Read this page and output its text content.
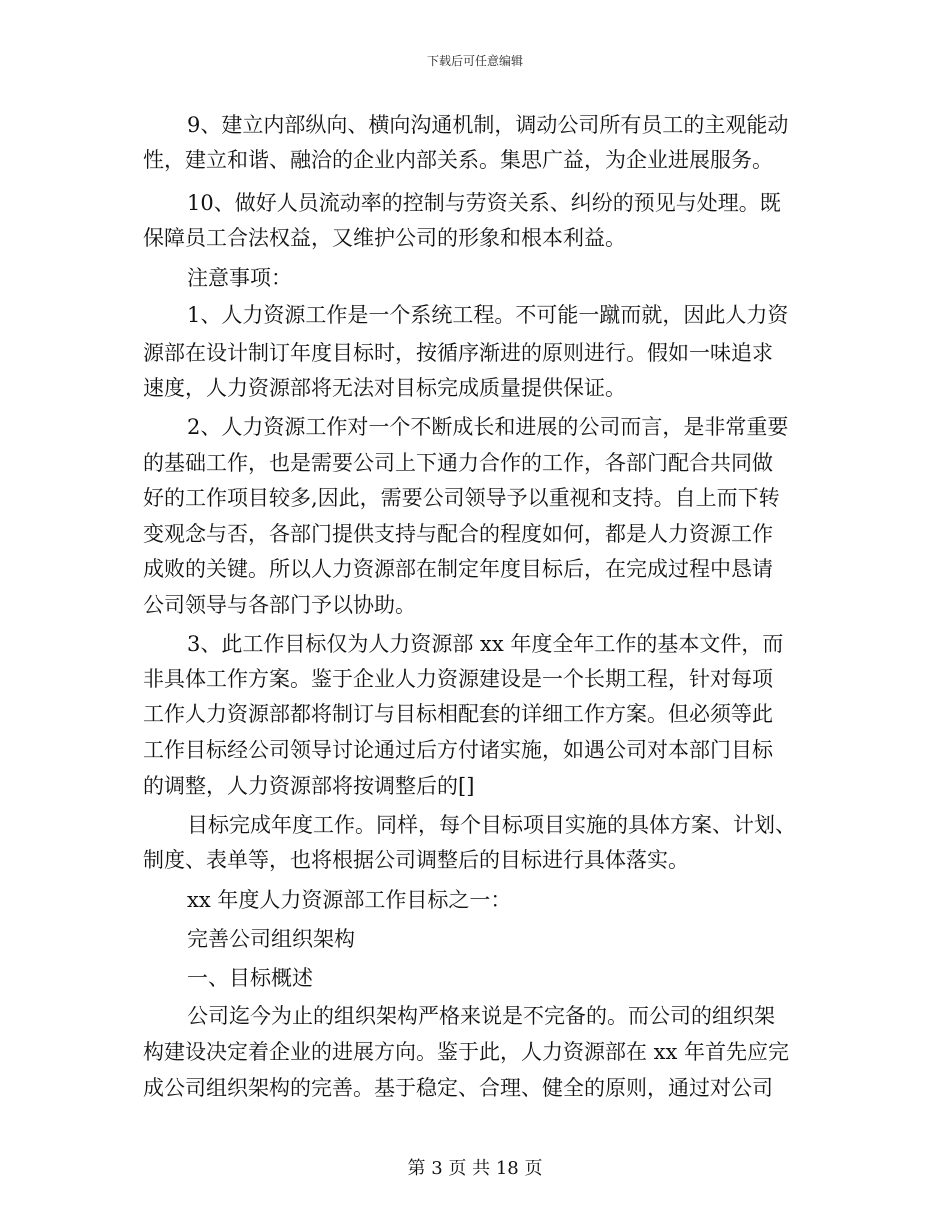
下载后可任意编辑
9、建立内部纵向、横向沟通机制，调动公司所有员工的主观能动
性，建立和谐、融洽的企业内部关系。集思广益，为企业进展服务。
10、做好人员流动率的控制与劳资关系、纠纷的预见与处理。既
保障员工合法权益，又维护公司的形象和根本利益。
注意事项：
1、人力资源工作是一个系统工程。不可能一蹴而就，因此人力资
源部在设计制订年度目标时，按循序渐进的原则进行。假如一味追求
速度，人力资源部将无法对目标完成质量提供保证。
2、人力资源工作对一个不断成长和进展的公司而言，是非常重要
的基础工作，也是需要公司上下通力合作的工作，各部门配合共同做
好的工作项目较多,因此，需要公司领导予以重视和支持。自上而下转
变观念与否，各部门提供支持与配合的程度如何，都是人力资源工作
成败的关键。所以人力资源部在制定年度目标后，在完成过程中恳请
公司领导与各部门予以协助。
3、此工作目标仅为人力资源部 xx 年度全年工作的基本文件，而
非具体工作方案。鉴于企业人力资源建设是一个长期工程，针对每项
工作人力资源部都将制订与目标相配套的详细工作方案。但必须等此
工作目标经公司领导讨论通过后方付诸实施，如遇公司对本部门目标
的调整，人力资源部将按调整后的[]
目标完成年度工作。同样，每个目标项目实施的具体方案、计划、
制度、表单等，也将根据公司调整后的目标进行具体落实。
xx 年度人力资源部工作目标之一：
完善公司组织架构
一、目标概述
公司迄今为止的组织架构严格来说是不完备的。而公司的组织架
构建设决定着企业的进展方向。鉴于此，人力资源部在 xx 年首先应完
成公司组织架构的完善。基于稳定、合理、健全的原则，通过对公司
第 3 页 共 18 页
